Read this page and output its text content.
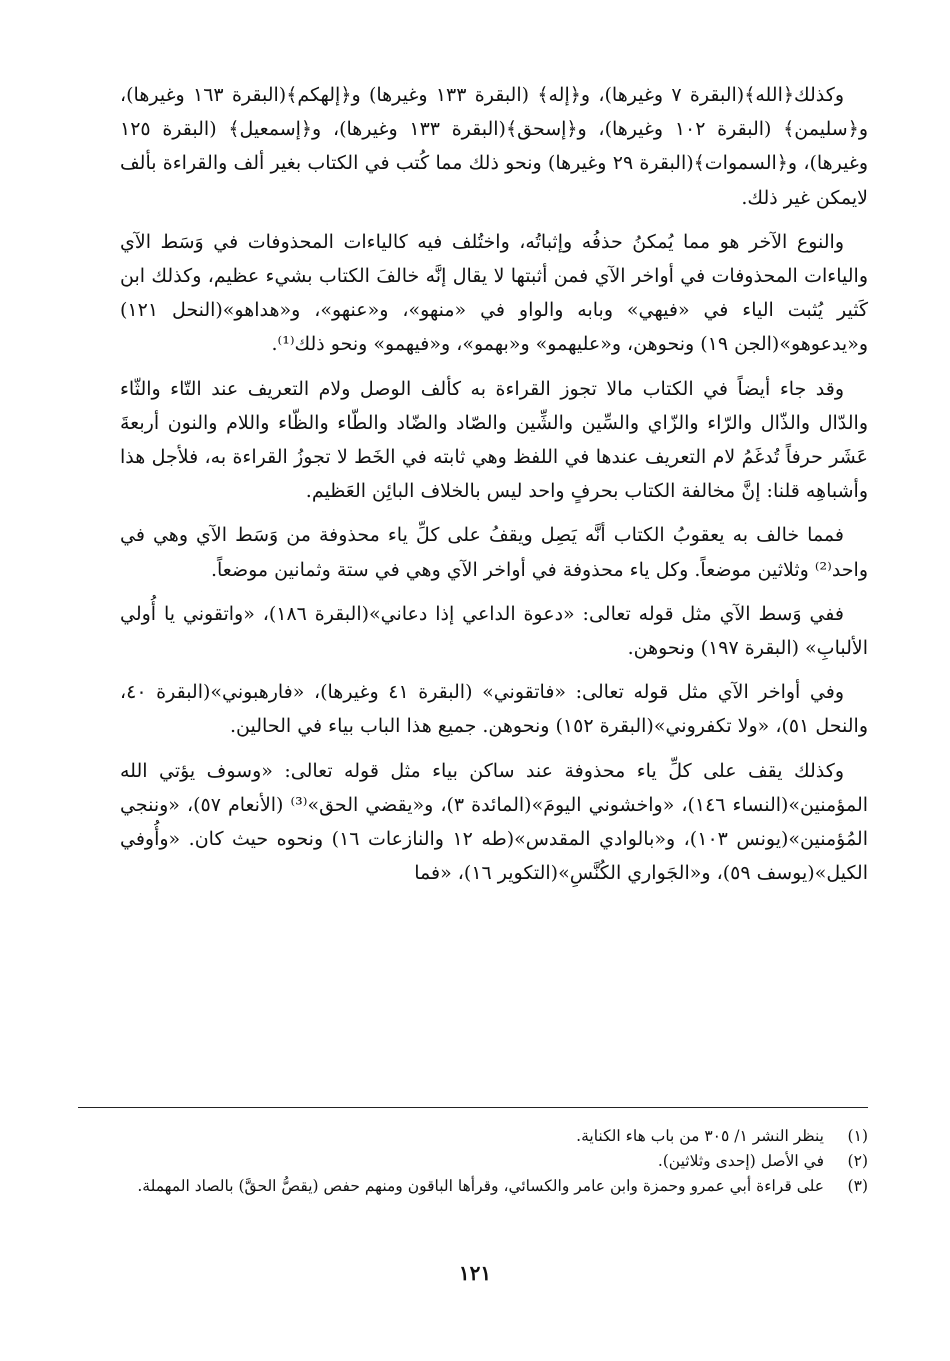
وكذلك﴿الله﴾(البقرة ٧ وغيرها)، و﴿إله﴾ (البقرة ١٣٣ وغيرها) و﴿إلهكم﴾(البقرة ١٦٣ وغيرها)، و﴿سليمن﴾ (البقرة ١٠٢ وغيرها)، و﴿إسحق﴾(البقرة ١٣٣ وغيرها)، و﴿إسمعيل﴾ (البقرة ١٢٥ وغيرها)، و﴿السموات﴾(البقرة ٢٩ وغيرها) ونحو ذلك مما كُتب في الكتاب بغير ألف والقراءة بألف لايمكن غير ذلك.

والنوع الآخر هو مما يُمكنُ حذفُه وإثباتُه، واختُلف فيه كالياءات المحذوفات في وَسَط الآي والياءات المحذوفات في أواخر الآي فمن أثبتها لا يقال إنَّه خالفَ الكتاب بشيء عظيم، وكذلك ابن كَثير يُثبت الياء في «فيهي» وبابه والواو في «منهو»، و«عنهو»، و«هداهو»(النحل ١٢١) و«يدعوهو»(الجن ١٩) ونحوهن، و«عليهمو» و«بهمو»، و«فيهمو» ونحو ذلك⁽¹⁾.

وقد جاء أيضاً في الكتاب مالا تجوز القراءة به كألف الوصل ولام التعريف عند التّاء والثّاء والدّال والذّال والرّاء والزّاي والسِّين والشِّين والصّاد والضّاد والطّاء والظّاء واللام والنون أربعةَ عَشَر حرفاً تُدغَمُ لام التعريف عندها في اللفظ وهي ثابته في الخَط لا تجوزُ القراءة به، فلأجل هذا وأشباهِه قلنا: إنَّ مخالفة الكتاب بحرفٍ واحد ليس بالخلاف البائِن العَظيم.

فمما خالف به يعقوبُ الكتاب أنَّه يَصِل ويقفُ على كلِّ ياء محذوفة من وَسَط الآي وهي في واحد⁽²⁾ وثلاثين موضعاً. وكل ياء محذوفة في أواخر الآي وهي في ستة وثمانين موضعاً.

ففي وَسط الآي مثل قوله تعالى: «دعوة الداعي إذا دعاني»(البقرة ١٨٦)، «واتقوني يا أُولي الألبابِ» (البقرة ١٩٧) ونحوهن.

وفي أواخر الآي مثل قوله تعالى: «فاتقوني» (البقرة ٤١ وغيرها)، «فارهبوني»(البقرة ٤٠، والنحل ٥١)، «ولا تكفروني»(البقرة ١٥٢) ونحوهن. جميع هذا الباب بياء في الحالين.

وكذلك يقف على كلِّ ياء محذوفة عند ساكن بياء مثل قوله تعالى: «وسوف يؤتي الله المؤمنين»(النساء ١٤٦)، «واخشوني اليومَ»(المائدة ٣)، و«يقضي الحق»⁽³⁾ (الأنعام ٥٧)، «وننجي المُؤمنين»(يونس ١٠٣)، و«بالوادي المقدس»(طه ١٢ والنازعات ١٦) ونحوه حيث كان. «وأُوفي الكيل»(يوسف ٥٩)، و«الجَواري الكُنَّسِ»(التكوير ١٦)، «فما

(١)
ينظر النشر ١/ ٣٠٥ من باب هاء الكناية.
(٢)
في الأصل (إحدى وثلاثين).
(٣)
على قراءة أبي عمرو وحمزة وابن عامر والكسائي، وقرأها الباقون ومنهم حفص (يقصُّ الحقَّ) بالصاد المهملة.
١٢١
